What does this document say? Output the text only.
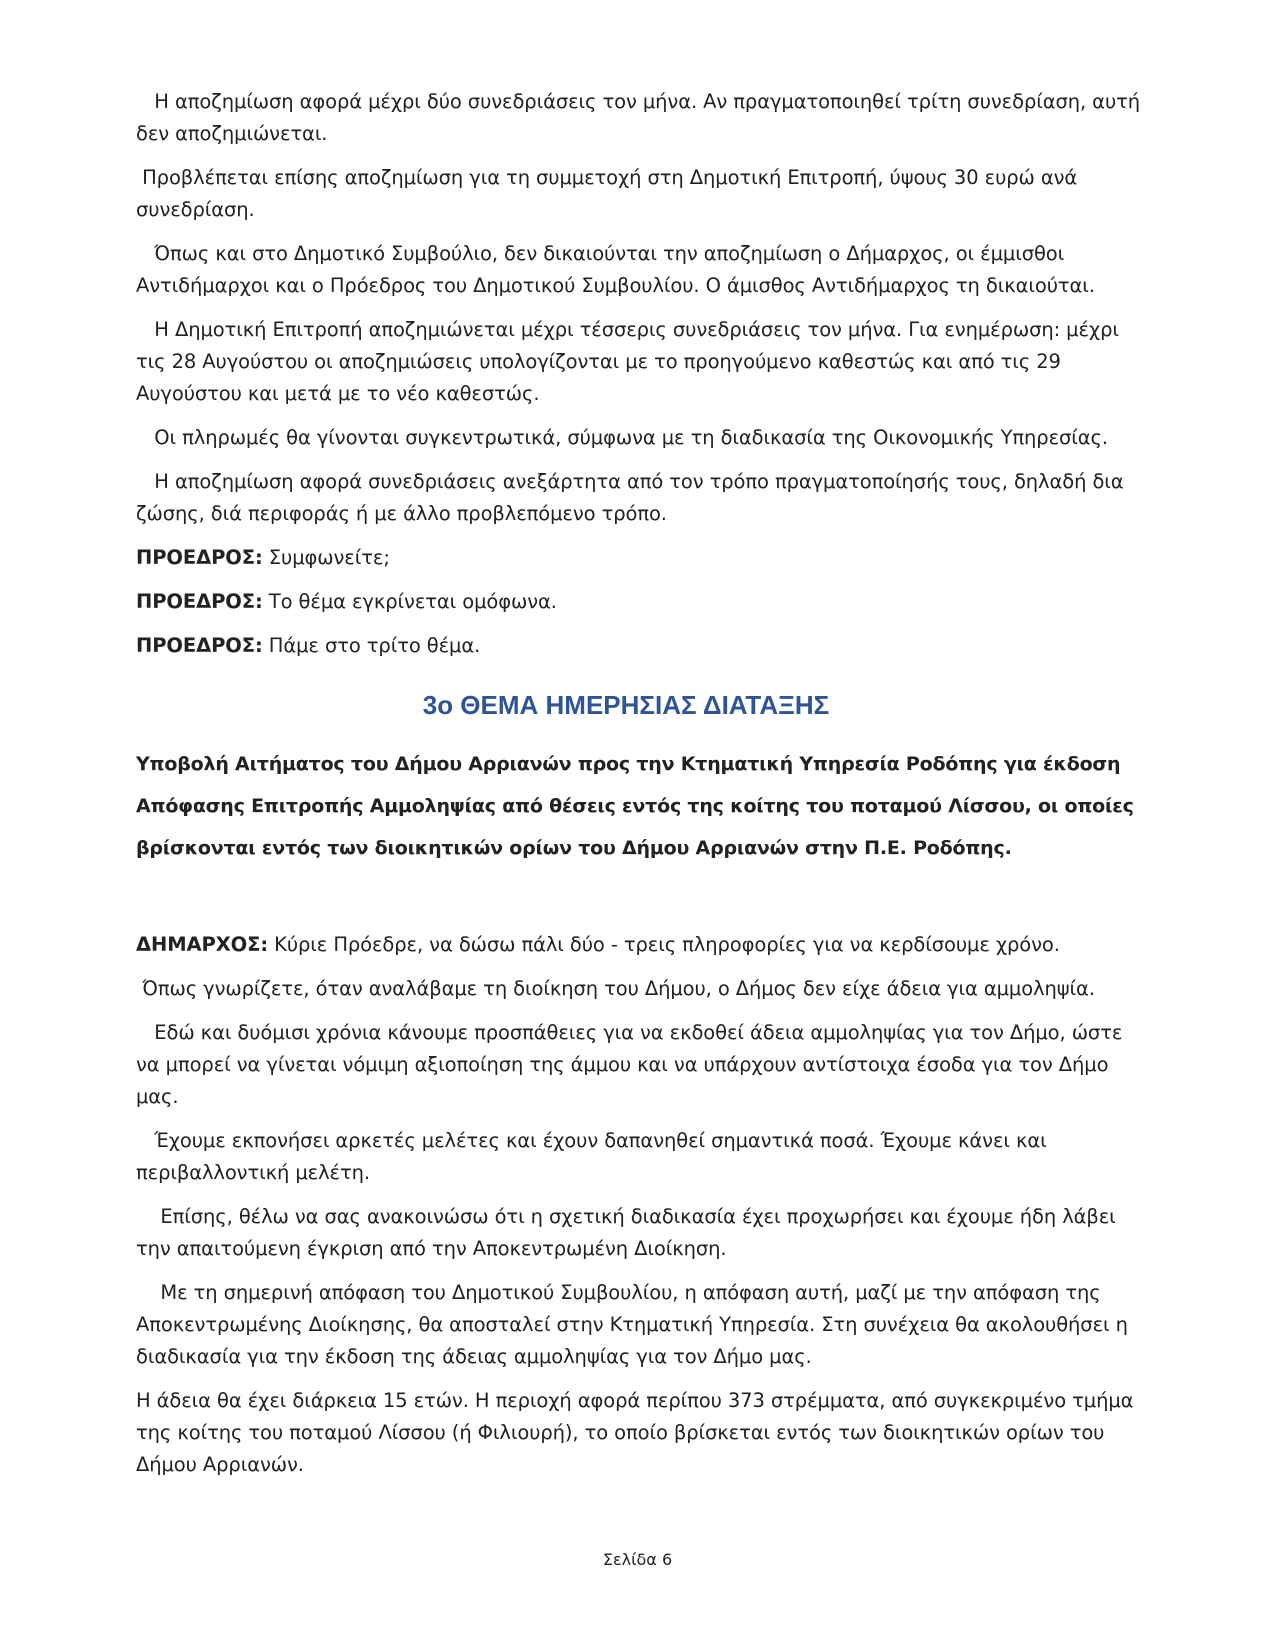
Η αποζημίωση αφορά μέχρι δύο συνεδριάσεις τον μήνα. Αν πραγματοποιηθεί τρίτη συνεδρίαση, αυτή δεν αποζημιώνεται.

Προβλέπεται επίσης αποζημίωση για τη συμμετοχή στη Δημοτική Επιτροπή, ύψους 30 ευρώ ανά συνεδρίαση.

Όπως και στο Δημοτικό Συμβούλιο, δεν δικαιούνται την αποζημίωση ο Δήμαρχος, οι έμμισθοι Αντιδήμαρχοι και ο Πρόεδρος του Δημοτικού Συμβουλίου. Ο άμισθος Αντιδήμαρχος τη δικαιούται.

Η Δημοτική Επιτροπή αποζημιώνεται μέχρι τέσσερις συνεδριάσεις τον μήνα. Για ενημέρωση: μέχρι τις 28 Αυγούστου οι αποζημιώσεις υπολογίζονται με το προηγούμενο καθεστώς και από τις 29 Αυγούστου και μετά με το νέο καθεστώς.

Οι πληρωμές θα γίνονται συγκεντρωτικά, σύμφωνα με τη διαδικασία της Οικονομικής Υπηρεσίας.

Η αποζημίωση αφορά συνεδριάσεις ανεξάρτητα από τον τρόπο πραγματοποίησής τους, δηλαδή δια ζώσης, διά περιφοράς ή με άλλο προβλεπόμενο τρόπο.

ΠΡΟΕΔΡΟΣ: Συμφωνείτε;

ΠΡΟΕΔΡΟΣ: Το θέμα εγκρίνεται ομόφωνα.

ΠΡΟΕΔΡΟΣ: Πάμε στο τρίτο θέμα.

3ο ΘΕΜΑ ΗΜΕΡΗΣΙΑΣ ΔΙΑΤΑΞΗΣ
Υποβολή Αιτήματος του Δήμου Αρριανών προς την Κτηματική Υπηρεσία Ροδόπης για έκδοση Απόφασης Επιτροπής Αμμοληψίας από θέσεις εντός της κοίτης του ποταμού Λίσσου, οι οποίες βρίσκονται εντός των διοικητικών ορίων του Δήμου Αρριανών στην Π.Ε. Ροδόπης.

ΔΗΜΑΡΧΟΣ: Κύριε Πρόεδρε, να δώσω πάλι δύο - τρεις πληροφορίες για να κερδίσουμε χρόνο.

Όπως γνωρίζετε, όταν αναλάβαμε τη διοίκηση του Δήμου, ο Δήμος δεν είχε άδεια για αμμοληψία.

Εδώ και δυόμισι χρόνια κάνουμε προσπάθειες για να εκδοθεί άδεια αμμοληψίας για τον Δήμο, ώστε να μπορεί να γίνεται νόμιμη αξιοποίηση της άμμου και να υπάρχουν αντίστοιχα έσοδα για τον Δήμο μας.

Έχουμε εκπονήσει αρκετές μελέτες και έχουν δαπανηθεί σημαντικά ποσά. Έχουμε κάνει και περιβαλλοντική μελέτη.

Επίσης, θέλω να σας ανακοινώσω ότι η σχετική διαδικασία έχει προχωρήσει και έχουμε ήδη λάβει την απαιτούμενη έγκριση από την Αποκεντρωμένη Διοίκηση.

Με τη σημερινή απόφαση του Δημοτικού Συμβουλίου, η απόφαση αυτή, μαζί με την απόφαση της Αποκεντρωμένης Διοίκησης, θα αποσταλεί στην Κτηματική Υπηρεσία. Στη συνέχεια θα ακολουθήσει η διαδικασία για την έκδοση της άδειας αμμοληψίας για τον Δήμο μας.

Η άδεια θα έχει διάρκεια 15 ετών. Η περιοχή αφορά περίπου 373 στρέμματα, από συγκεκριμένο τμήμα της κοίτης του ποταμού Λίσσου (ή Φιλιουρή), το οποίο βρίσκεται εντός των διοικητικών ορίων του Δήμου Αρριανών.

Σελίδα 6
